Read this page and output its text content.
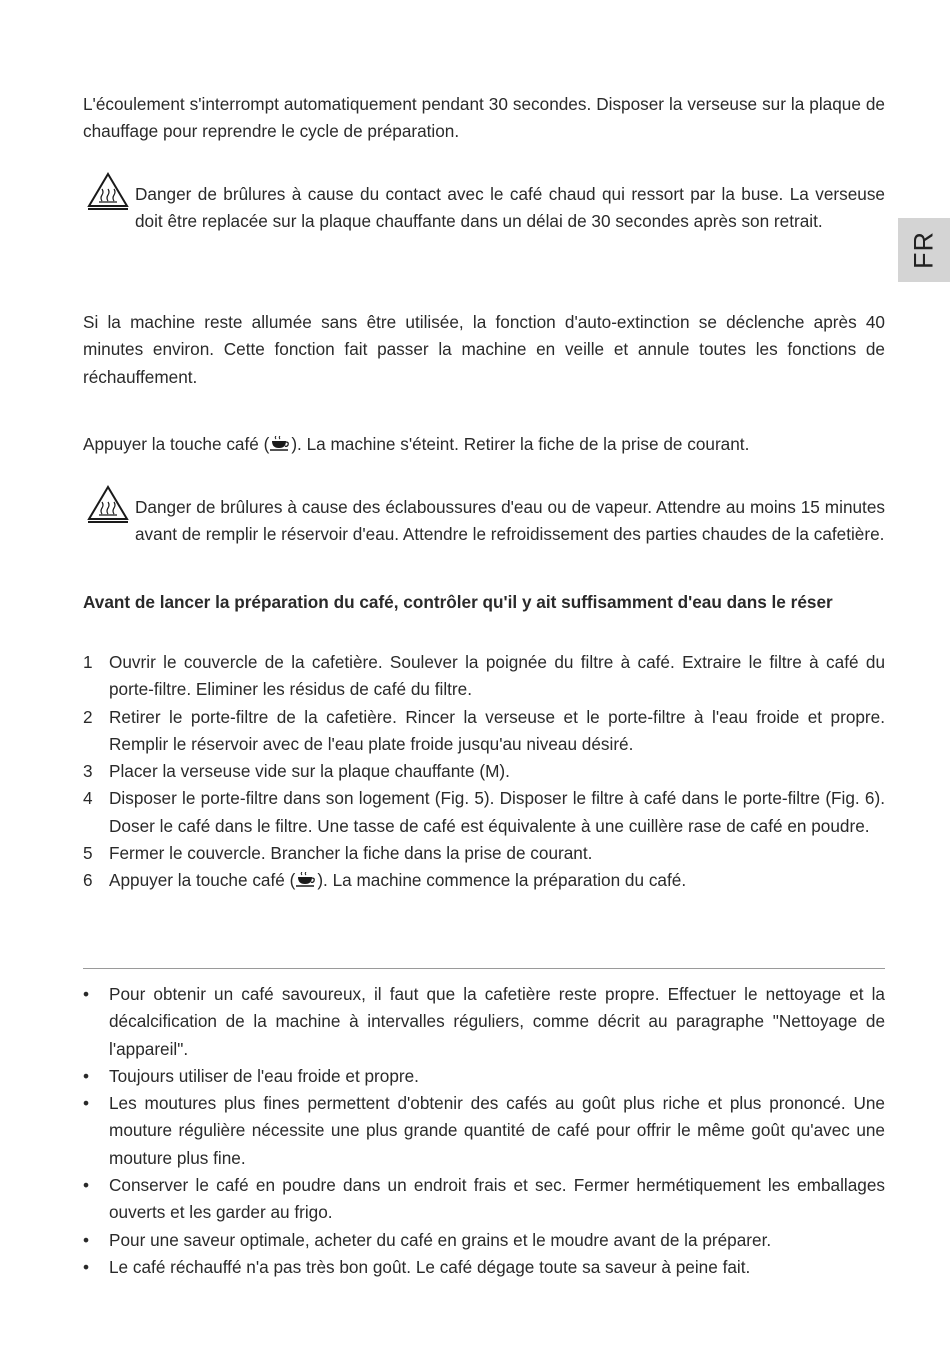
FR

L'écoulement s'interrompt automatiquement pendant 30 secondes. Disposer la verseuse sur la plaque de chauffage pour reprendre le cycle de préparation.

Danger de brûlures à cause du contact avec le café chaud qui ressort par la buse. La verseuse doit être replacée sur la plaque chauffante dans un délai de 30 secondes après son retrait.

Si la machine reste allumée sans être utilisée, la fonction d'auto-extinction se déclenche après 40 minutes environ. Cette fonction fait passer la machine en veille et annule toutes les fonctions de réchauffement.

Appuyer la touche café ( ). La machine s'éteint. Retirer la fiche de la prise de courant.

Danger de brûlures à cause des éclaboussures d'eau ou de vapeur. Attendre au moins 15 minutes avant de remplir le réservoir d'eau. Attendre le refroidissement des parties chaudes de la cafetière.

Avant de lancer la préparation du café, contrôler qu'il y ait suffisamment d'eau dans le réser

1 Ouvrir le couvercle de la cafetière. Soulever la poignée du filtre à café. Extraire le filtre à café du porte-filtre. Eliminer les résidus de café du filtre.
2 Retirer le porte-filtre de la cafetière. Rincer la verseuse et le porte-filtre à l'eau froide et propre. Remplir le réservoir avec de l'eau plate froide jusqu'au niveau désiré.
3 Placer la verseuse vide sur la plaque chauffante (M).
4 Disposer le porte-filtre dans son logement (Fig. 5). Disposer le filtre à café dans le porte-filtre (Fig. 6). Doser le café dans le filtre. Une tasse de café est équivalente à une cuillère rase de café en poudre.
5 Fermer le couvercle. Brancher la fiche dans la prise de courant.
6 Appuyer la touche café ( ). La machine commence la préparation du café.
• Pour obtenir un café savoureux, il faut que la cafetière reste propre. Effectuer le nettoyage et la décalcification de la machine à intervalles réguliers, comme décrit au paragraphe "Nettoyage de l'appareil".
• Toujours utiliser de l'eau froide et propre.
• Les moutures plus fines permettent d'obtenir des cafés au goût plus riche et plus prononcé. Une mouture régulière nécessite une plus grande quantité de café pour offrir le même goût qu'avec une mouture plus fine.
• Conserver le café en poudre dans un endroit frais et sec. Fermer hermétiquement les emballages ouverts et les garder au frigo.
• Pour une saveur optimale, acheter du café en grains et le moudre avant de la préparer.
• Le café réchauffé n'a pas très bon goût. Le café dégage toute sa saveur à peine fait.
